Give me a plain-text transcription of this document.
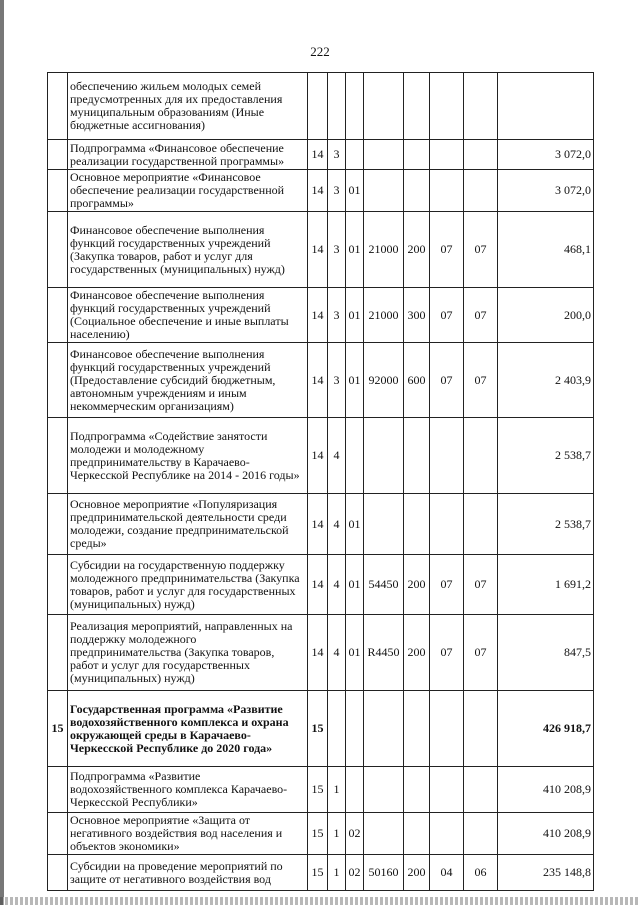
222
	обеспечению жильем молодых семей предусмотренных для их предоставления муниципальным образованиям (Иные бюджетные ассигнования)								
	Подпрограмма «Финансовое обеспечение реализации государственной программы»	14	3						3 072,0
	Основное мероприятие «Финансовое обеспечение реализации государственной программы»	14	3	01					3 072,0
	Финансовое обеспечение выполнения функций государственных учреждений (Закупка товаров, работ и услуг для государственных (муниципальных) нужд)	14	3	01	21000	200	07	07	468,1
	Финансовое обеспечение выполнения функций государственных учреждений (Социальное обеспечение и иные выплаты населению)	14	3	01	21000	300	07	07	200,0
	Финансовое обеспечение выполнения функций государственных учреждений (Предоставление субсидий бюджетным, автономным учреждениям и иным некоммерческим организациям)	14	3	01	92000	600	07	07	2 403,9
	Подпрограмма «Содействие занятости молодежи и молодежному предпринимательству в Карачаево-Черкесской Республике на 2014 - 2016 годы»	14	4						2 538,7
	Основное мероприятие «Популяризация предпринимательской деятельности среди молодежи, создание предпринимательской среды»	14	4	01					2 538,7
	Субсидии на государственную поддержку молодежного предпринимательства (Закупка товаров, работ и услуг для государственных (муниципальных) нужд)	14	4	01	54450	200	07	07	1 691,2
	Реализация мероприятий, направленных на поддержку молодежного предпринимательства (Закупка товаров, работ и услуг для государственных (муниципальных) нужд)	14	4	01	R4450	200	07	07	847,5
15	Государственная программа «Развитие водохозяйственного комплекса и охрана окружающей среды в Карачаево-Черкесской Республике до 2020 года»	15							426 918,7
	Подпрограмма «Развитие водохозяйственного комплекса Карачаево-Черкесской Республики»	15	1						410 208,9
	Основное мероприятие «Защита от негативного воздействия вод населения и объектов экономики»	15	1	02					410 208,9
	Субсидии на проведение мероприятий по защите от негативного воздействия вод	15	1	02	50160	200	04	06	235 148,8
